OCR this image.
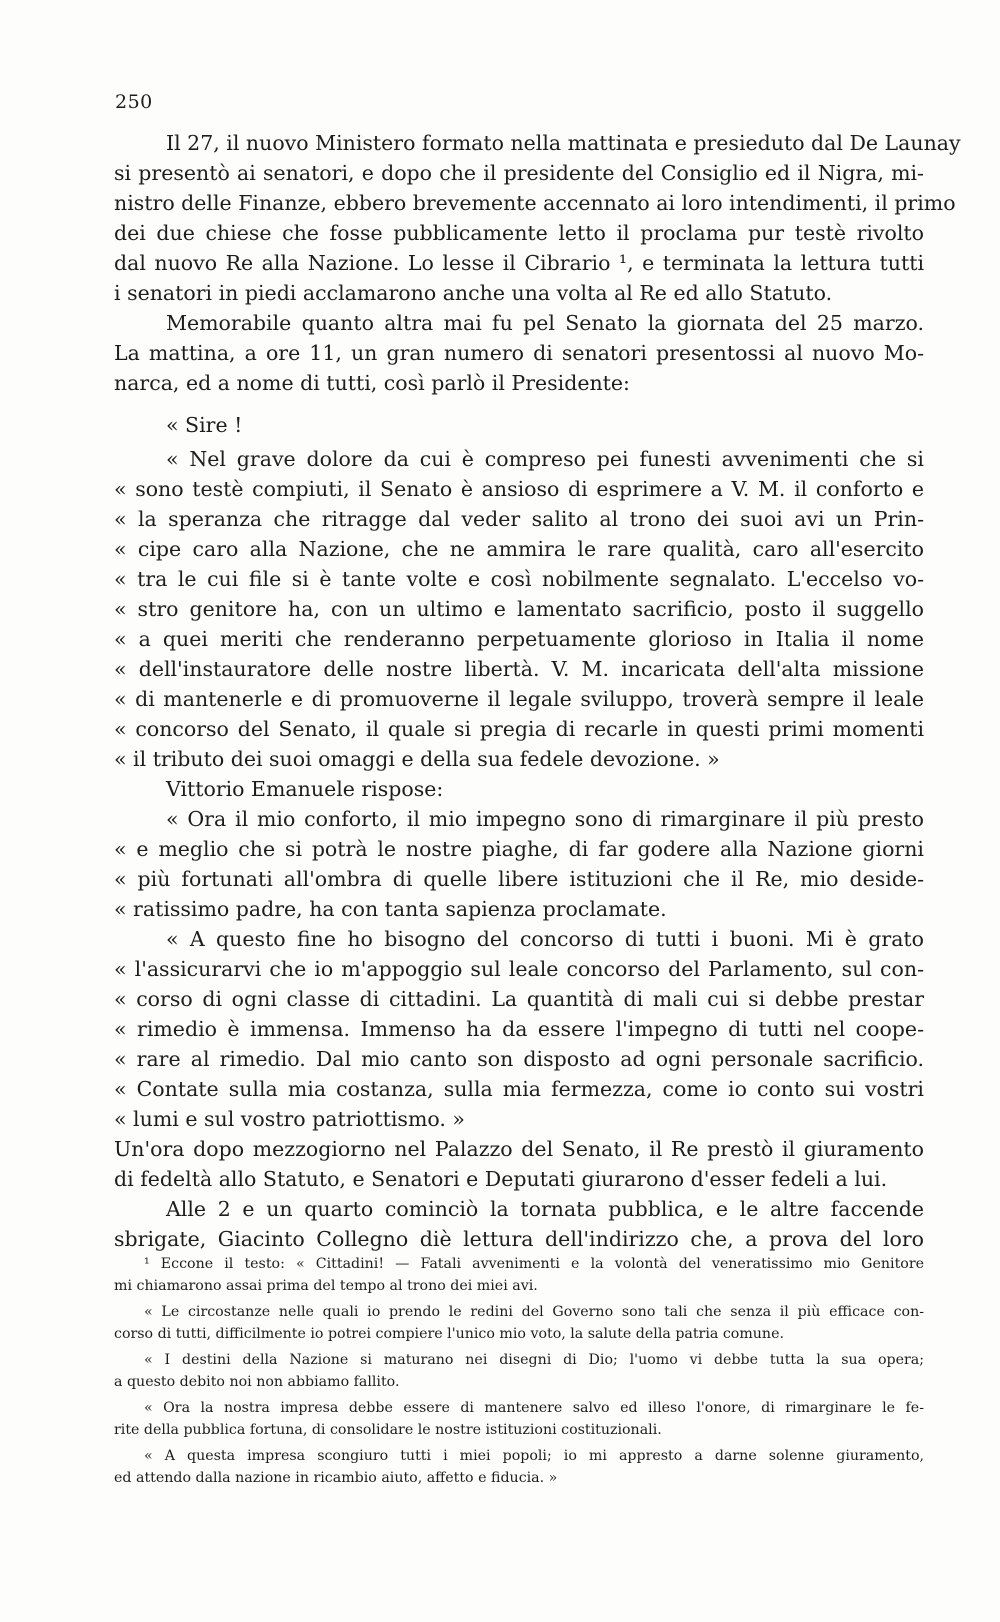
250
Il 27, il nuovo Ministero formato nella mattinata e presieduto dal De Launay
si presentò ai senatori, e dopo che il presidente del Consiglio ed il Nigra, mi-
nistro delle Finanze, ebbero brevemente accennato ai loro intendimenti, il primo
dei due chiese che fosse pubblicamente letto il proclama pur testè rivolto
dal nuovo Re alla Nazione. Lo lesse il Cibrario ¹, e terminata la lettura tutti
i senatori in piedi acclamarono anche una volta al Re ed allo Statuto.
Memorabile quanto altra mai fu pel Senato la giornata del 25 marzo.
La mattina, a ore 11, un gran numero di senatori presentossi al nuovo Mo-
narca, ed a nome di tutti, così parlò il Presidente:
« Sire !
« Nel grave dolore da cui è compreso pei funesti avvenimenti che si
« sono testè compiuti, il Senato è ansioso di esprimere a V. M. il conforto e
« la speranza che ritragge dal veder salito al trono dei suoi avi un Prin-
« cipe caro alla Nazione, che ne ammira le rare qualità, caro all'esercito
« tra le cui file si è tante volte e così nobilmente segnalato. L'eccelso vo-
« stro genitore ha, con un ultimo e lamentato sacrificio, posto il suggello
« a quei meriti che renderanno perpetuamente glorioso in Italia il nome
« dell'instauratore delle nostre libertà. V. M. incaricata dell'alta missione
« di mantenerle e di promuoverne il legale sviluppo, troverà sempre il leale
« concorso del Senato, il quale si pregia di recarle in questi primi momenti
« il tributo dei suoi omaggi e della sua fedele devozione. »
Vittorio Emanuele rispose:
« Ora il mio conforto, il mio impegno sono di rimarginare il più presto
« e meglio che si potrà le nostre piaghe, di far godere alla Nazione giorni
« più fortunati all'ombra di quelle libere istituzioni che il Re, mio deside-
« ratissimo padre, ha con tanta sapienza proclamate.
« A questo fine ho bisogno del concorso di tutti i buoni. Mi è grato
« l'assicurarvi che io m'appoggio sul leale concorso del Parlamento, sul con-
« corso di ogni classe di cittadini. La quantità di mali cui si debbe prestar
« rimedio è immensa. Immenso ha da essere l'impegno di tutti nel coope-
« rare al rimedio. Dal mio canto son disposto ad ogni personale sacrificio.
« Contate sulla mia costanza, sulla mia fermezza, come io conto sui vostri
« lumi e sul vostro patriottismo. »
Un'ora dopo mezzogiorno nel Palazzo del Senato, il Re prestò il giuramento
di fedeltà allo Statuto, e Senatori e Deputati giurarono d'esser fedeli a lui.
Alle 2 e un quarto cominciò la tornata pubblica, e le altre faccende
sbrigate, Giacinto Collegno diè lettura dell'indirizzo che, a prova del loro
¹ Eccone il testo: « Cittadini! — Fatali avvenimenti e la volontà del veneratissimo mio Genitore
mi chiamarono assai prima del tempo al trono dei miei avi.
« Le circostanze nelle quali io prendo le redini del Governo sono tali che senza il più efficace con-
corso di tutti, difficilmente io potrei compiere l'unico mio voto, la salute della patria comune.
« I destini della Nazione si maturano nei disegni di Dio; l'uomo vi debbe tutta la sua opera;
a questo debito noi non abbiamo fallito.
« Ora la nostra impresa debbe essere di mantenere salvo ed illeso l'onore, di rimarginare le fe-
rite della pubblica fortuna, di consolidare le nostre istituzioni costituzionali.
« A questa impresa scongiuro tutti i miei popoli; io mi appresto a darne solenne giuramento,
ed attendo dalla nazione in ricambio aiuto, affetto e fiducia. »
